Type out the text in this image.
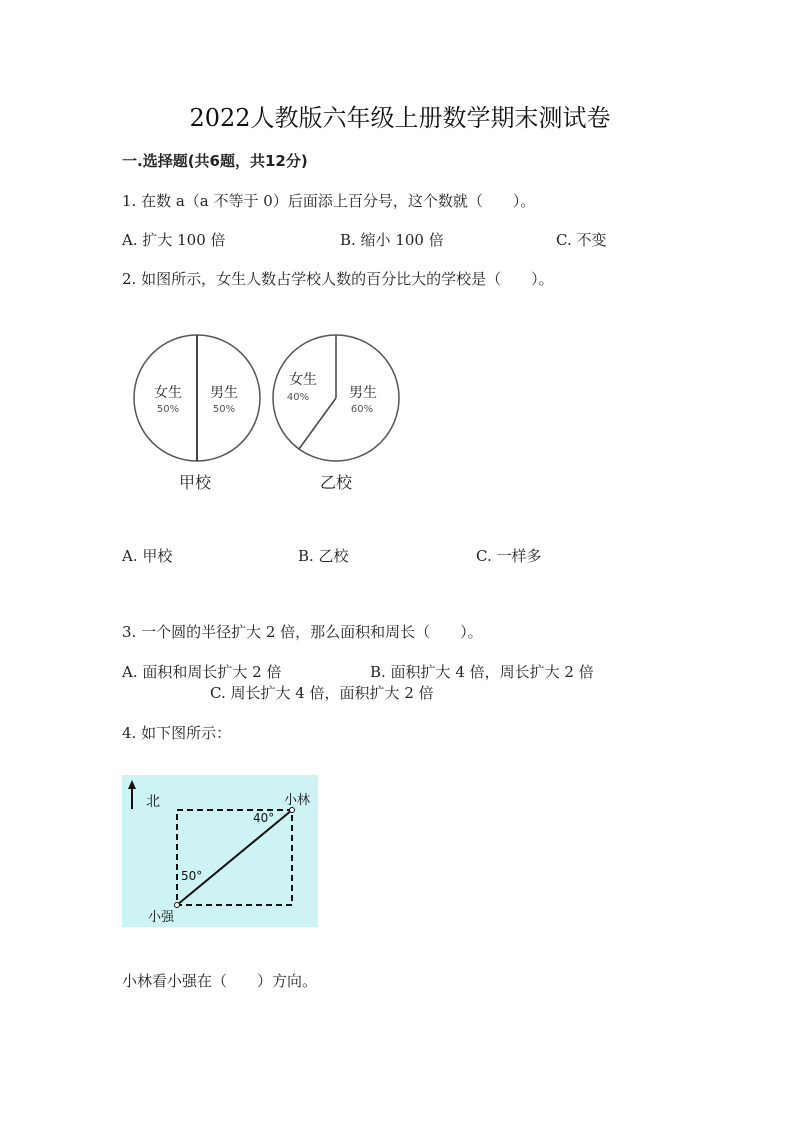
2022人教版六年级上册数学期末测试卷
一.选择题(共6题，共12分)
1. 在数 a（a 不等于 0）后面添上百分号，这个数就（　　）。
A. 扩大 100 倍	B. 缩小 100 倍	C. 不变
2. 如图所示，女生人数占学校人数的百分比大的学校是（　　）。
女生
50%
男生
50%
甲校
女生
40%	男生
60%
乙校
A. 甲校	B. 乙校	C. 一样多
3. 一个圆的半径扩大 2 倍，那么面积和周长（　　）。
A. 面积和周长扩大 2 倍	B. 面积扩大 4 倍，周长扩大 2 倍
C. 周长扩大 4 倍，面积扩大 2 倍
4. 如下图所示：
北	小林
40°
50°
小强
小林看小强在（　　）方向。
